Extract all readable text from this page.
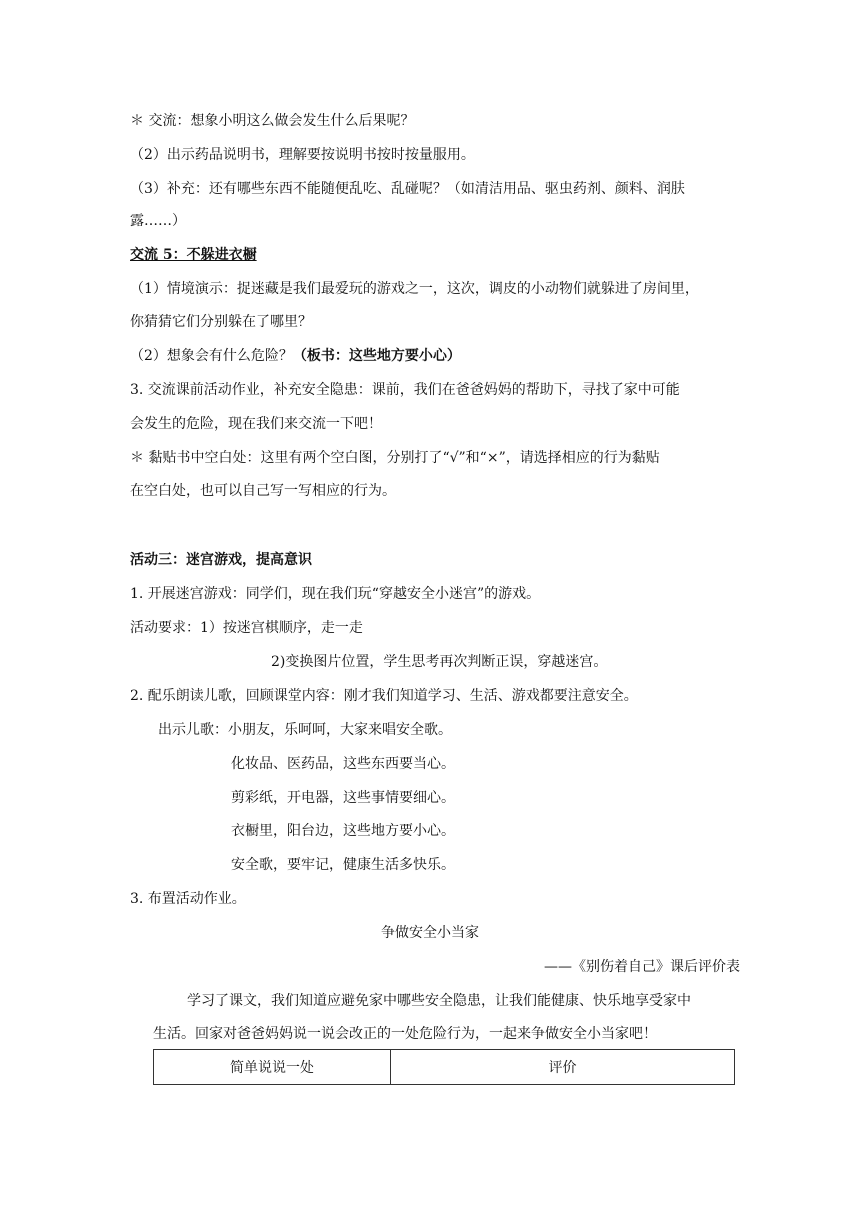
＊ 交流：想象小明这么做会发生什么后果呢？
（2）出示药品说明书，理解要按说明书按时按量服用。
（3）补充：还有哪些东西不能随便乱吃、乱碰呢？（如清洁用品、驱虫药剂、颜料、润肤
露……）
交流 5：不躲进衣橱
（1）情境演示：捉迷藏是我们最爱玩的游戏之一，这次，调皮的小动物们就躲进了房间里，
你猜猜它们分别躲在了哪里？
（2）想象会有什么危险？（板书：这些地方要小心）
3. 交流课前活动作业，补充安全隐患：课前，我们在爸爸妈妈的帮助下，寻找了家中可能
会发生的危险，现在我们来交流一下吧！
＊ 黏贴书中空白处：这里有两个空白图，分别打了“√”和“×”，请选择相应的行为黏贴
在空白处，也可以自己写一写相应的行为。
活动三：迷宫游戏，提高意识
1. 开展迷宫游戏：同学们，现在我们玩“穿越安全小迷宫”的游戏。
活动要求：1）按迷宫棋顺序，走一走
2)变换图片位置，学生思考再次判断正误，穿越迷宫。
2. 配乐朗读儿歌，回顾课堂内容：刚才我们知道学习、生活、游戏都要注意安全。
出示儿歌：小朋友，乐呵呵，大家来唱安全歌。
化妆品、医药品，这些东西要当心。
剪彩纸，开电器，这些事情要细心。
衣橱里，阳台边，这些地方要小心。
安全歌，要牢记，健康生活多快乐。
3. 布置活动作业。
争做安全小当家
——《别伤着自己》课后评价表
学习了课文，我们知道应避免家中哪些安全隐患，让我们能健康、快乐地享受家中
生活。回家对爸爸妈妈说一说会改正的一处危险行为，一起来争做安全小当家吧！
简单说说一处	评价
